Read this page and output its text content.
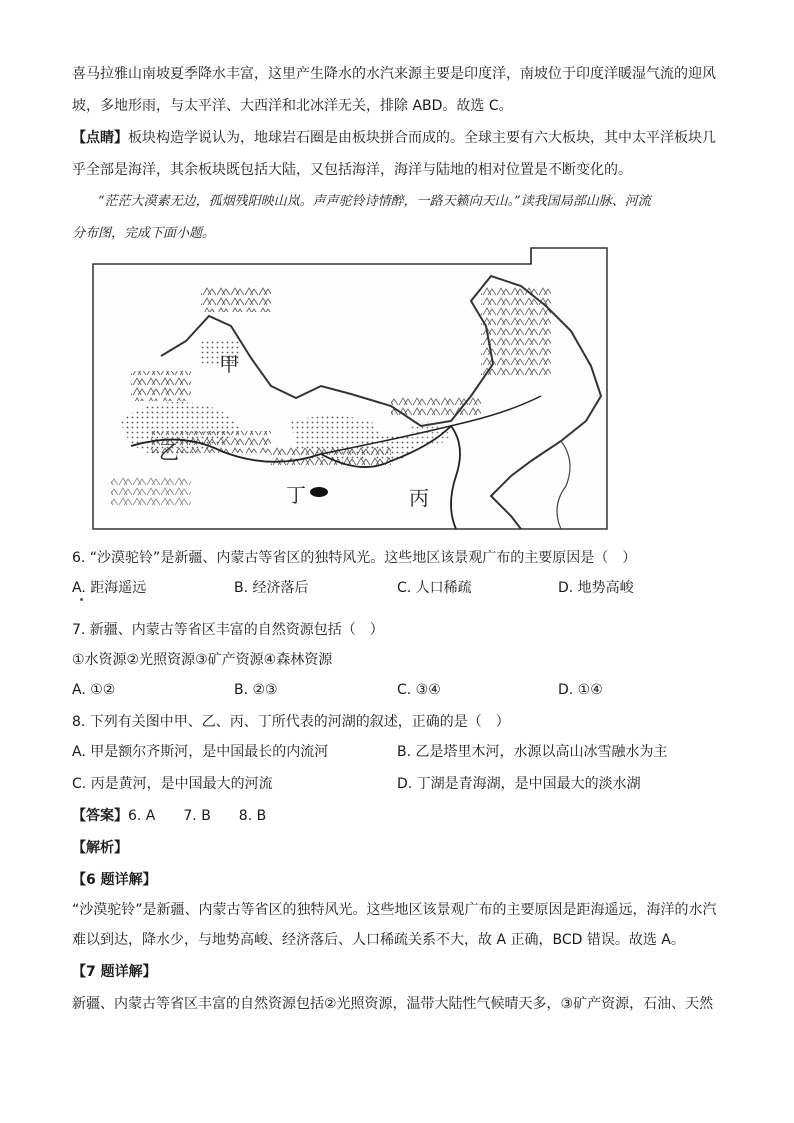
喜马拉雅山南坡夏季降水丰富，这里产生降水的水汽来源主要是印度洋，南坡位于印度洋暖湿气流的迎风
坡，多地形雨，与太平洋、大西洋和北冰洋无关，排除 ABD。故选 C。
【点睛】板块构造学说认为，地球岩石圈是由板块拼合而成的。全球主要有六大板块，其中太平洋板块几
乎全部是海洋，其余板块既包括大陆，又包括海洋，海洋与陆地的相对位置是不断变化的。
“茫茫大漠素无边，孤烟残阳映山岚。声声驼铃诗情醉，一路天籁向天山。”读我国局部山脉、河流
分布图，完成下面小题。
甲
乙
丙
丁
6. “沙漠驼铃”是新疆、内蒙古等省区的独特风光。这些地区该景观广布的主要原因是（　）
A. 距海遥远	B. 经济落后	C. 人口稀疏	D. 地势高峻
7. 新疆、内蒙古等省区丰富的自然资源包括（　）
①水资源②光照资源③矿产资源④森林资源
A. ①②	B. ②③	C. ③④	D. ①④
8. 下列有关图中甲、乙、丙、丁所代表的河湖的叙述，正确的是（　）
A. 甲是额尔齐斯河，是中国最长的内流河	B. 乙是塔里木河，水源以高山冰雪融水为主
C. 丙是黄河，是中国最大的河流	D. 丁湖是青海湖，是中国最大的淡水湖
【答案】6. A　　7. B　　8. B
【解析】
【6 题详解】
“沙漠驼铃”是新疆、内蒙古等省区的独特风光。这些地区该景观广布的主要原因是距海遥远，海洋的水汽
难以到达，降水少，与地势高峻、经济落后、人口稀疏关系不大，故 A 正确，BCD 错误。故选 A。
【7 题详解】
新疆、内蒙古等省区丰富的自然资源包括②光照资源，温带大陆性气候晴天多，③矿产资源，石油、天然
